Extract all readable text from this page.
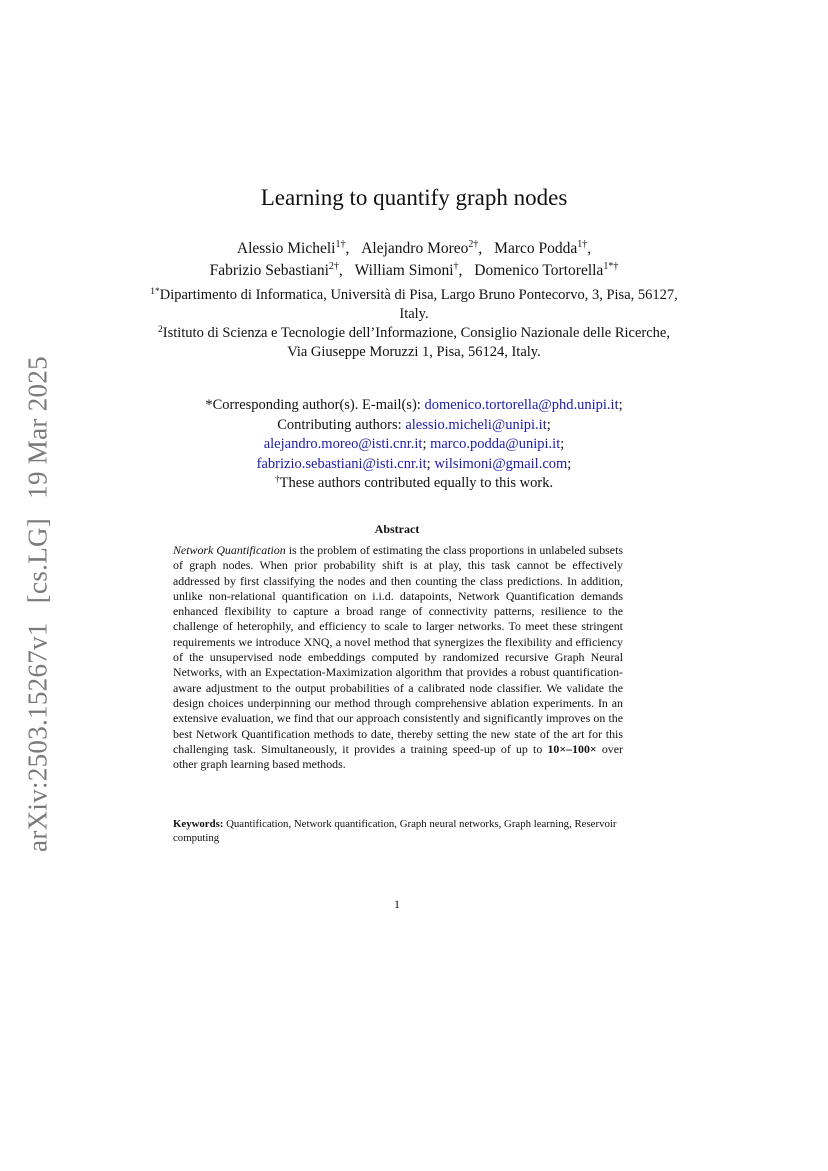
arXiv:2503.15267v1 [cs.LG] 19 Mar 2025
Learning to quantify graph nodes
Alessio Micheli$^{1\dagger}$, Alejandro Moreo$^{2\dagger}$, Marco Podda$^{1\dagger}$,
Fabrizio Sebastiani$^{2\dagger}$, William Simoni†, Domenico Tortorella$^{1*\dagger}$
$^{1*}$Dipartimento di Informatica, Università di Pisa, Largo Bruno Pontecorvo, 3, Pisa, 56127, Italy.
$^2$Istituto di Scienza e Tecnologie dell’Informazione, Consiglio Nazionale delle Ricerche, Via Giuseppe Moruzzi 1, Pisa, 56124, Italy.
*Corresponding author(s). E-mail(s): domenico.tortorella@phd.unipi.it;
Contributing authors: alessio.micheli@unipi.it;
alejandro.moreo@isti.cnr.it; marco.podda@unipi.it;
fabrizio.sebastiani@isti.cnr.it; wilsimoni@gmail.com;
†These authors contributed equally to this work.
Abstract
Network Quantification is the problem of estimating the class proportions in unlabeled subsets of graph nodes. When prior probability shift is at play, this task cannot be effectively addressed by first classifying the nodes and then counting the class predictions. In addition, unlike non-relational quantification on i.i.d. datapoints, Network Quantification demands enhanced flexibility to capture a broad range of connectivity patterns, resilience to the challenge of heterophily, and efficiency to scale to larger networks. To meet these stringent requirements we introduce XNQ, a novel method that synergizes the flexibility and efficiency of the unsupervised node embeddings computed by randomized recursive Graph Neural Networks, with an Expectation-Maximization algorithm that provides a robust quantification-aware adjustment to the output probabilities of a calibrated node classifier. We validate the design choices underpinning our method through comprehensive ablation experiments. In an extensive evaluation, we find that our approach consistently and significantly improves on the best Network Quantification methods to date, thereby setting the new state of the art for this challenging task. Simultaneously, it provides a training speed-up of up to 10×–100× over other graph learning based methods.
Keywords: Quantification, Network quantification, Graph neural networks, Graph learning, Reservoir computing
1
